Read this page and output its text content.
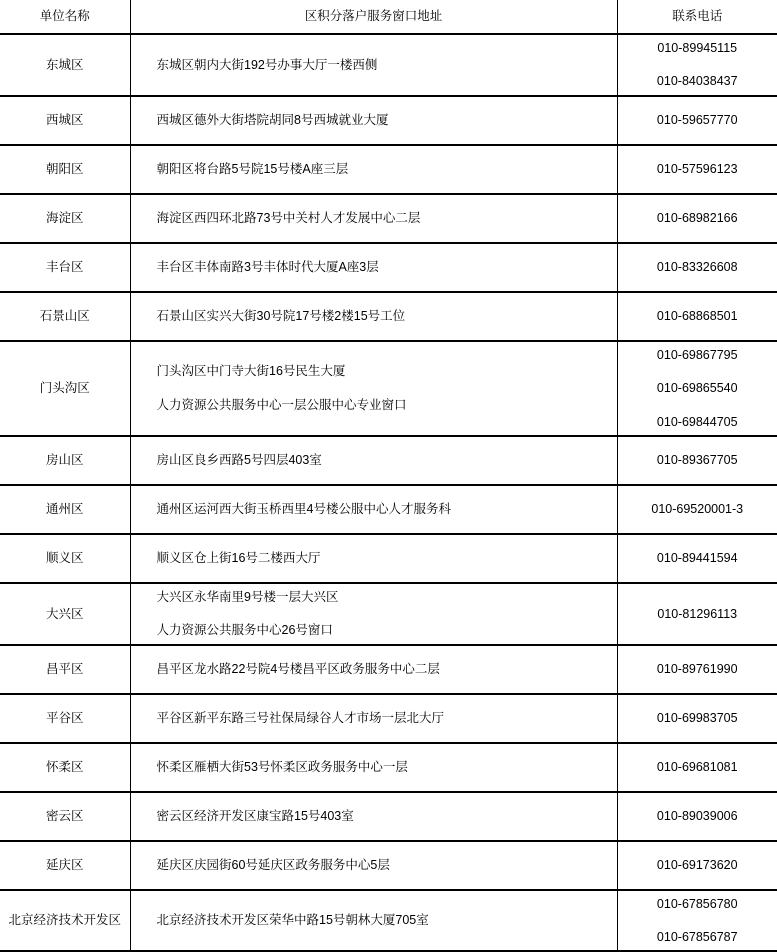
单位名称	区积分落户服务窗口地址	联系电话
东城区	东城区朝内大街192号办事大厅一楼西侧	010-89945115
010-84038437

西城区	西城区德外大街塔院胡同8号西城就业大厦	010-59657770

朝阳区	朝阳区将台路5号院15号楼A座三层	010-57596123

海淀区	海淀区西四环北路73号中关村人才发展中心二层	010-68982166

丰台区	丰台区丰体南路3号丰体时代大厦A座3层	010-83326608

石景山区	石景山区实兴大街30号院17号楼2楼15号工位	010-68868501

门头沟区	门头沟区中门寺大街16号民生大厦
人力资源公共服务中心一层公服中心专业窗口	010-69867795
010-69865540
010-69844705

房山区	房山区良乡西路5号四层403室	010-89367705

通州区	通州区运河西大街玉桥西里4号楼公服中心人才服务科	010-69520001-3

顺义区	顺义区仓上街16号二楼西大厅	010-89441594

大兴区	大兴区永华南里9号楼一层大兴区
人力资源公共服务中心26号窗口	010-81296113

昌平区	昌平区龙水路22号院4号楼昌平区政务服务中心二层	010-89761990

平谷区	平谷区新平东路三号社保局绿谷人才市场一层北大厅	010-69983705

怀柔区	怀柔区雁栖大街53号怀柔区政务服务中心一层	010-69681081

密云区	密云区经济开发区康宝路15号403室	010-89039006

延庆区	延庆区庆园街60号延庆区政务服务中心5层	010-69173620

北京经济技术开发区	北京经济技术开发区荣华中路15号朝林大厦705室	010-67856780
010-67856787
